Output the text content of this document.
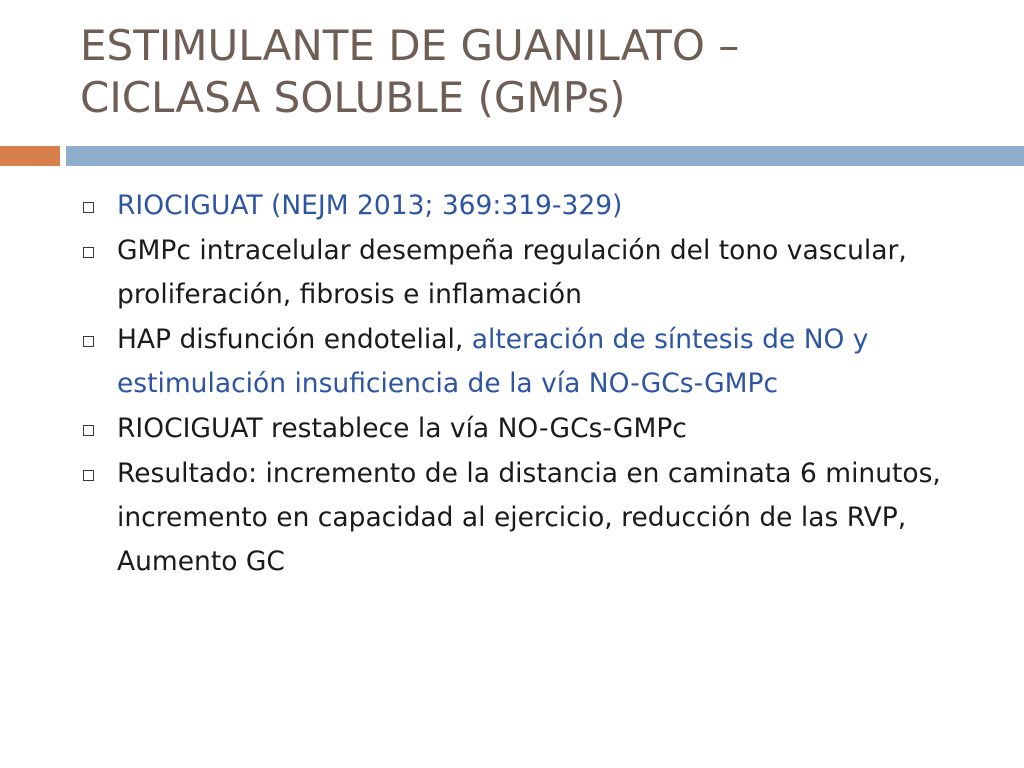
ESTIMULANTE DE GUANILATO –
CICLASA SOLUBLE (GMPs)
RIOCIGUAT (NEJM 2013; 369:319-329)
GMPc intracelular desempeña regulación del tono vascular, proliferación, fibrosis e inflamación
HAP disfunción endotelial, alteración de síntesis de NO y estimulación insuficiencia de la vía NO-GCs-GMPc
RIOCIGUAT restablece la vía NO-GCs-GMPc
Resultado: incremento de la distancia en caminata 6 minutos, incremento en capacidad al ejercicio, reducción de las RVP, Aumento GC
